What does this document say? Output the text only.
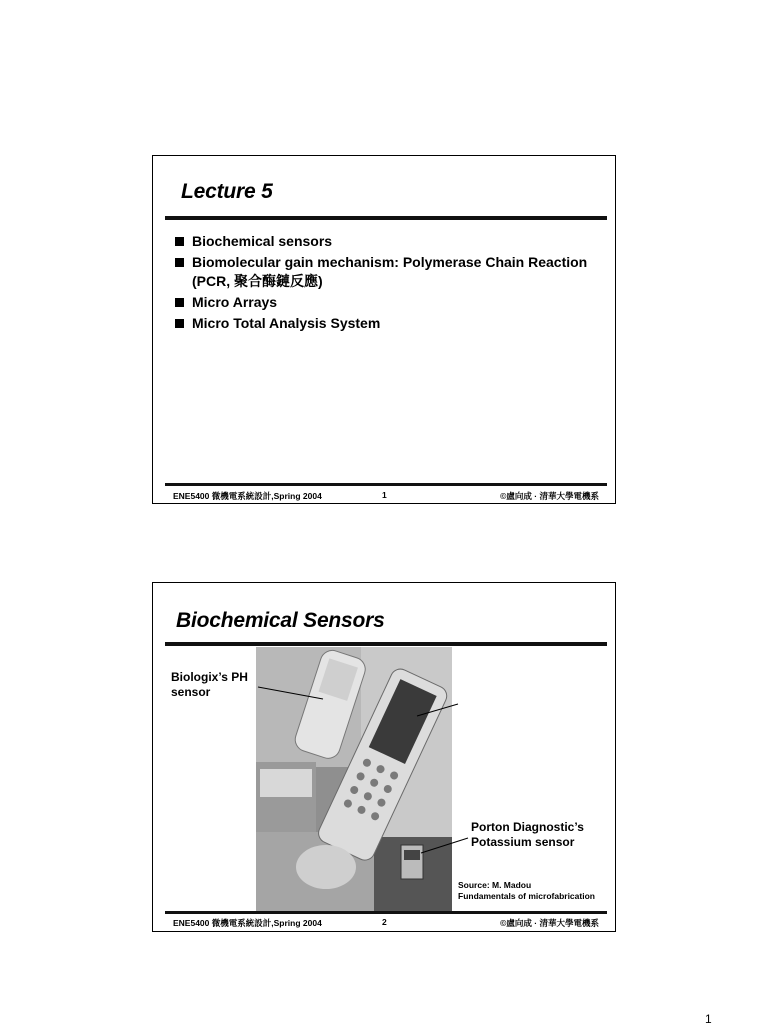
Lecture 5
Biochemical sensors
Biomolecular gain mechanism: Polymerase Chain Reaction (PCR, 聚合酶鏈反應)
Micro Arrays
Micro Total Analysis System
ENE5400 微機電系統設計,Spring 2004	1	©盧向成 · 清華大學電機系
Biochemical Sensors
Biologix’s PH sensor
Porton Diagnostic’s Potassium sensor
Source: M. Madou
Fundamentals of microfabrication
ENE5400 微機電系統設計,Spring 2004	2	©盧向成 · 清華大學電機系
1
